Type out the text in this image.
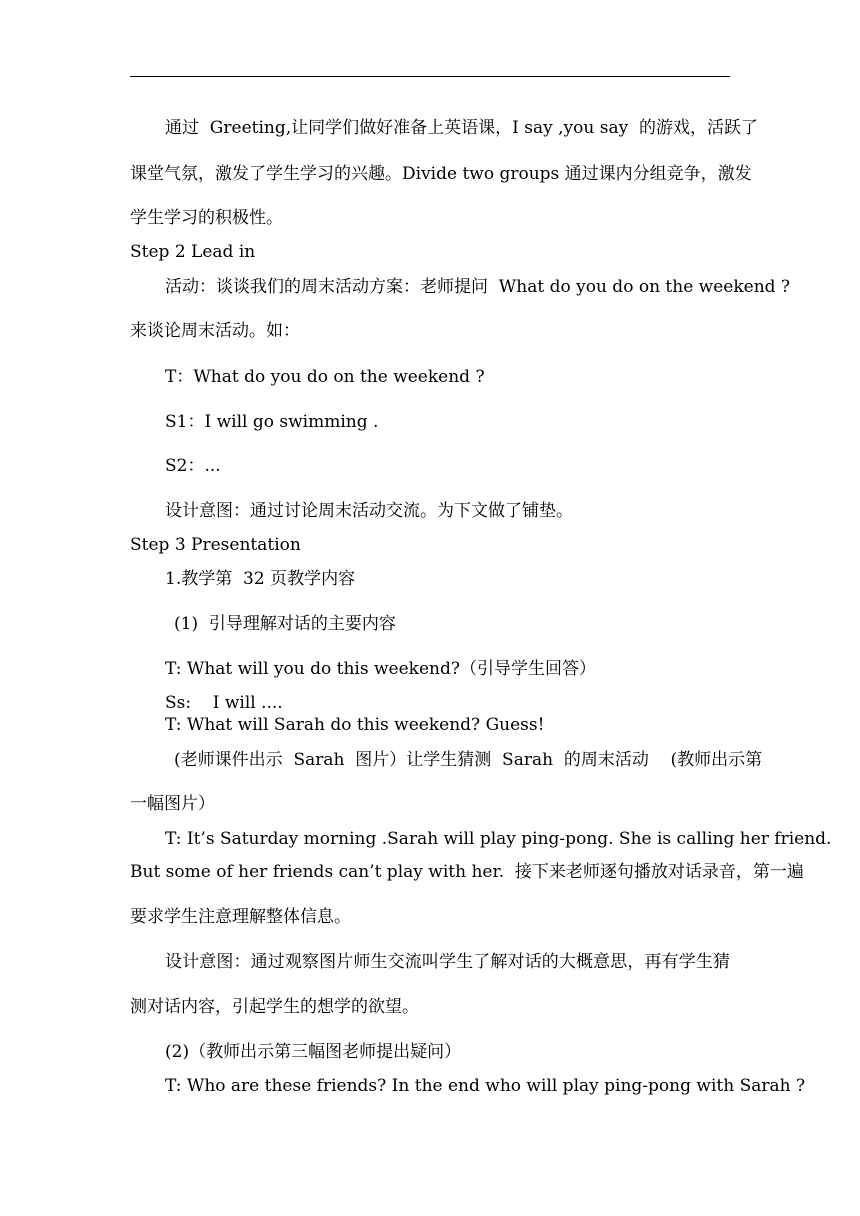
通过  Greeting,让同学们做好准备上英语课，I say ,you say  的游戏，活跃了
课堂气氛，激发了学生学习的兴趣。Divide two groups 通过课内分组竞争，激发
学生学习的积极性。
Step 2 Lead in
活动：谈谈我们的周末活动方案：老师提问  What do you do on the weekend ?
来谈论周末活动。如：
T：What do you do on the weekend ?
S1：I will go swimming .
S2：...
设计意图：通过讨论周末活动交流。为下文做了铺垫。
Step 3 Presentation
1.教学第  32 页教学内容
(1)  引导理解对话的主要内容
T: What will you do this weekend?（引导学生回答）
Ss:    I will ....
T: What will Sarah do this weekend? Guess!
(老师课件出示  Sarah  图片）让学生猜测  Sarah  的周末活动    (教师出示第
一幅图片）
T: It’s Saturday morning .Sarah will play ping-pong. She is calling her friend.
But some of her friends can’t play with her.  接下来老师逐句播放对话录音，第一遍
要求学生注意理解整体信息。
设计意图：通过观察图片师生交流叫学生了解对话的大概意思，再有学生猜
测对话内容，引起学生的想学的欲望。
(2)（教师出示第三幅图老师提出疑问）
T: Who are these friends? In the end who will play ping-pong with Sarah ?
